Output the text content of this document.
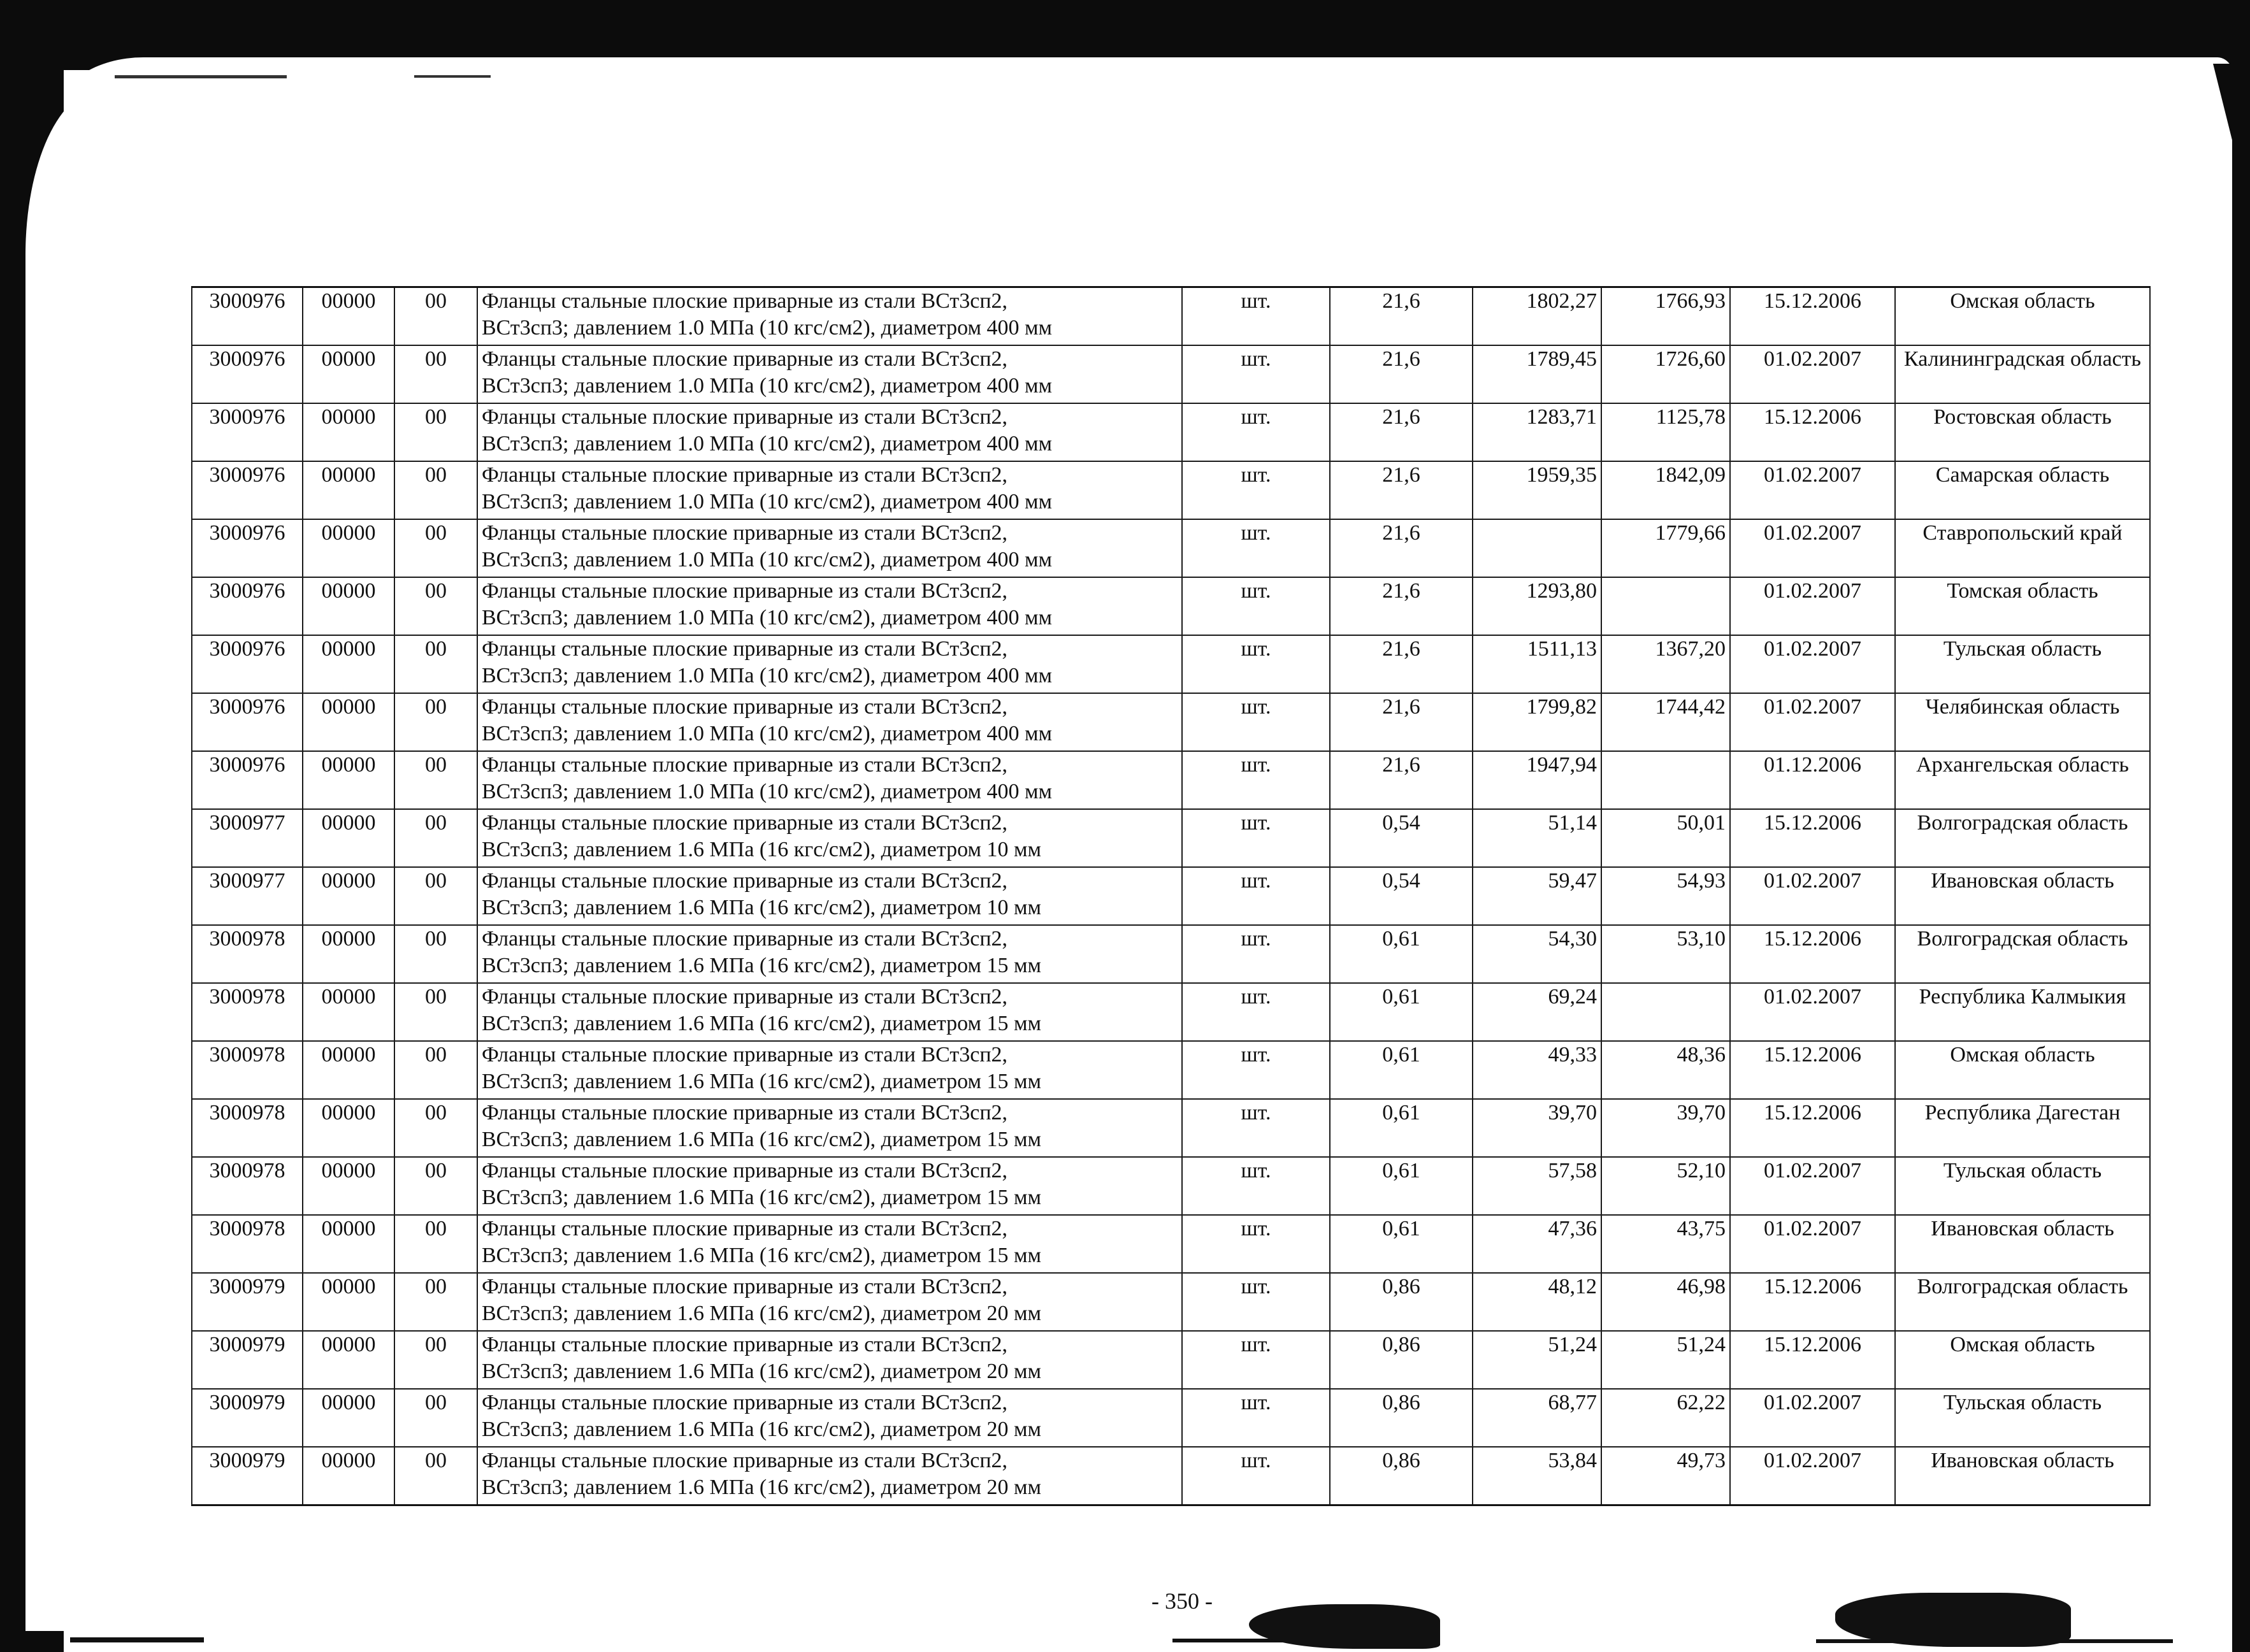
3000976	00000	00	Фланцы стальные плоские приварные из стали ВСт3сп2,
ВСт3сп3; давлением 1.0 МПа (10 кгс/см2), диаметром 400 мм	шт.	21,6	1802,27	1766,93	15.12.2006	Омская область
3000976	00000	00	Фланцы стальные плоские приварные из стали ВСт3сп2,
ВСт3сп3; давлением 1.0 МПа (10 кгс/см2), диаметром 400 мм	шт.	21,6	1789,45	1726,60	01.02.2007	Калининградская область
3000976	00000	00	Фланцы стальные плоские приварные из стали ВСт3сп2,
ВСт3сп3; давлением 1.0 МПа (10 кгс/см2), диаметром 400 мм	шт.	21,6	1283,71	1125,78	15.12.2006	Ростовская область
3000976	00000	00	Фланцы стальные плоские приварные из стали ВСт3сп2,
ВСт3сп3; давлением 1.0 МПа (10 кгс/см2), диаметром 400 мм	шт.	21,6	1959,35	1842,09	01.02.2007	Самарская область
3000976	00000	00	Фланцы стальные плоские приварные из стали ВСт3сп2,
ВСт3сп3; давлением 1.0 МПа (10 кгс/см2), диаметром 400 мм	шт.	21,6		1779,66	01.02.2007	Ставропольский край
3000976	00000	00	Фланцы стальные плоские приварные из стали ВСт3сп2,
ВСт3сп3; давлением 1.0 МПа (10 кгс/см2), диаметром 400 мм	шт.	21,6	1293,80		01.02.2007	Томская область
3000976	00000	00	Фланцы стальные плоские приварные из стали ВСт3сп2,
ВСт3сп3; давлением 1.0 МПа (10 кгс/см2), диаметром 400 мм	шт.	21,6	1511,13	1367,20	01.02.2007	Тульская область
3000976	00000	00	Фланцы стальные плоские приварные из стали ВСт3сп2,
ВСт3сп3; давлением 1.0 МПа (10 кгс/см2), диаметром 400 мм	шт.	21,6	1799,82	1744,42	01.02.2007	Челябинская область
3000976	00000	00	Фланцы стальные плоские приварные из стали ВСт3сп2,
ВСт3сп3; давлением 1.0 МПа (10 кгс/см2), диаметром 400 мм	шт.	21,6	1947,94		01.12.2006	Архангельская область
3000977	00000	00	Фланцы стальные плоские приварные из стали ВСт3сп2,
ВСт3сп3; давлением 1.6 МПа (16 кгс/см2), диаметром 10 мм	шт.	0,54	51,14	50,01	15.12.2006	Волгоградская область
3000977	00000	00	Фланцы стальные плоские приварные из стали ВСт3сп2,
ВСт3сп3; давлением 1.6 МПа (16 кгс/см2), диаметром 10 мм	шт.	0,54	59,47	54,93	01.02.2007	Ивановская область
3000978	00000	00	Фланцы стальные плоские приварные из стали ВСт3сп2,
ВСт3сп3; давлением 1.6 МПа (16 кгс/см2), диаметром 15 мм	шт.	0,61	54,30	53,10	15.12.2006	Волгоградская область
3000978	00000	00	Фланцы стальные плоские приварные из стали ВСт3сп2,
ВСт3сп3; давлением 1.6 МПа (16 кгс/см2), диаметром 15 мм	шт.	0,61	69,24		01.02.2007	Республика Калмыкия
3000978	00000	00	Фланцы стальные плоские приварные из стали ВСт3сп2,
ВСт3сп3; давлением 1.6 МПа (16 кгс/см2), диаметром 15 мм	шт.	0,61	49,33	48,36	15.12.2006	Омская область
3000978	00000	00	Фланцы стальные плоские приварные из стали ВСт3сп2,
ВСт3сп3; давлением 1.6 МПа (16 кгс/см2), диаметром 15 мм	шт.	0,61	39,70	39,70	15.12.2006	Республика Дагестан
3000978	00000	00	Фланцы стальные плоские приварные из стали ВСт3сп2,
ВСт3сп3; давлением 1.6 МПа (16 кгс/см2), диаметром 15 мм	шт.	0,61	57,58	52,10	01.02.2007	Тульская область
3000978	00000	00	Фланцы стальные плоские приварные из стали ВСт3сп2,
ВСт3сп3; давлением 1.6 МПа (16 кгс/см2), диаметром 15 мм	шт.	0,61	47,36	43,75	01.02.2007	Ивановская область
3000979	00000	00	Фланцы стальные плоские приварные из стали ВСт3сп2,
ВСт3сп3; давлением 1.6 МПа (16 кгс/см2), диаметром 20 мм	шт.	0,86	48,12	46,98	15.12.2006	Волгоградская область
3000979	00000	00	Фланцы стальные плоские приварные из стали ВСт3сп2,
ВСт3сп3; давлением 1.6 МПа (16 кгс/см2), диаметром 20 мм	шт.	0,86	51,24	51,24	15.12.2006	Омская область
3000979	00000	00	Фланцы стальные плоские приварные из стали ВСт3сп2,
ВСт3сп3; давлением 1.6 МПа (16 кгс/см2), диаметром 20 мм	шт.	0,86	68,77	62,22	01.02.2007	Тульская область
3000979	00000	00	Фланцы стальные плоские приварные из стали ВСт3сп2,
ВСт3сп3; давлением 1.6 МПа (16 кгс/см2), диаметром 20 мм	шт.	0,86	53,84	49,73	01.02.2007	Ивановская область
- 350 -
